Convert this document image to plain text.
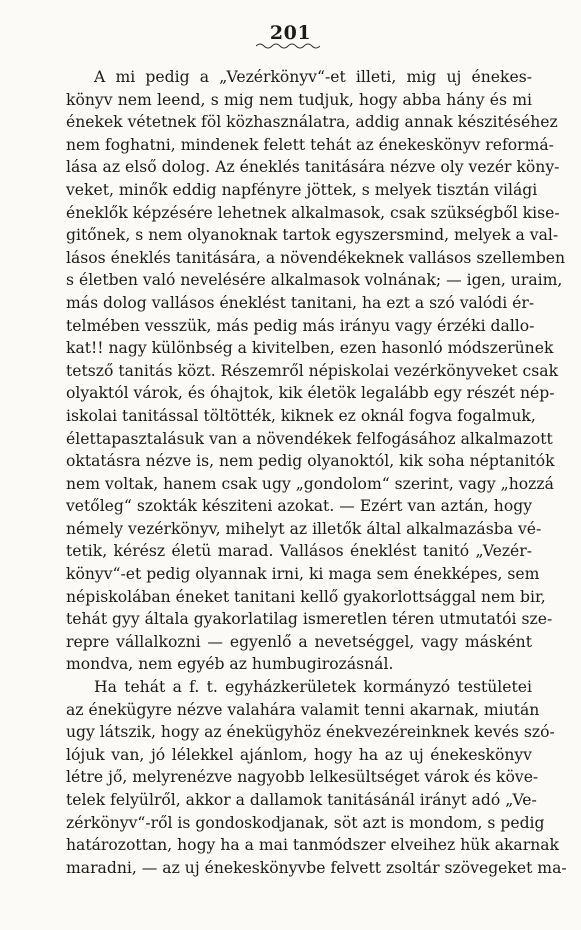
201
A mi pedig a „Vezérkönyv“-et illeti, mig uj énekes-
könyv nem leend, s mig nem tudjuk, hogy abba hány és mi
énekek vétetnek föl közhasználatra, addig annak készitéséhez
nem foghatni, mindenek felett tehát az énekeskönyv reformá-
lása az első dolog. Az éneklés tanitására nézve oly vezér köny-
veket, minők eddig napfényre jöttek, s melyek tisztán világi
éneklők képzésére lehetnek alkalmasok, csak szükségből kise-
gitőnek, s nem olyanoknak tartok egyszersmind, melyek a val-
lásos éneklés tanitására, a növendékeknek vallásos szellemben
s életben való nevelésére alkalmasok volnának; — igen, uraim,
más dolog vallásos éneklést tanitani, ha ezt a szó valódi ér-
telmében vesszük, más pedig más irányu vagy érzéki dallo-
kat!! nagy különbség a kivitelben, ezen hasonló módszerünek
tetsző tanitás közt. Részemről népiskolai vezérkönyveket csak
olyaktól várok, és óhajtok, kik életök legalább egy részét nép-
iskolai tanitással töltötték, kiknek ez oknál fogva fogalmuk,
élettapasztalásuk van a növendékek felfogásához alkalmazott
oktatásra nézve is, nem pedig olyanoktól, kik soha néptanitók
nem voltak, hanem csak ugy „gondolom“ szerint, vagy „hozzá
vetőleg“ szokták késziteni azokat. — Ezért van aztán, hogy
némely vezérkönyv, mihelyt az illetők által alkalmazásba vé-
tetik, kérész életü marad. Vallásos éneklést tanitó „Vezér-
könyv“-et pedig olyannak irni, ki maga sem énekképes, sem
népiskolában éneket tanitani kellő gyakorlottsággal nem bir,
tehát gyy általa gyakorlatilag ismeretlen téren utmutatói sze-
repre vállalkozni — egyenlő a nevetséggel, vagy másként
mondva, nem egyéb az humbugirozásnál.
Ha tehát a f. t. egyházkerületek kormányzó testületei
az énekügyre nézve valahára valamit tenni akarnak, miután
ugy látszik, hogy az énekügyhöz énekvezéreinknek kevés szó-
lójuk van, jó lélekkel ajánlom, hogy ha az uj énekeskönyv
létre jő, melyrenézve nagyobb lelkesültséget várok és köve-
telek felyülről, akkor a dallamok tanitásánál irányt adó „Ve-
zérkönyv“-ről is gondoskodjanak, söt azt is mondom, s pedig
határozottan, hogy ha a mai tanmódszer elveihez hük akarnak
maradni, — az uj énekeskönyvbe felvett zsoltár szövegeket ma-
